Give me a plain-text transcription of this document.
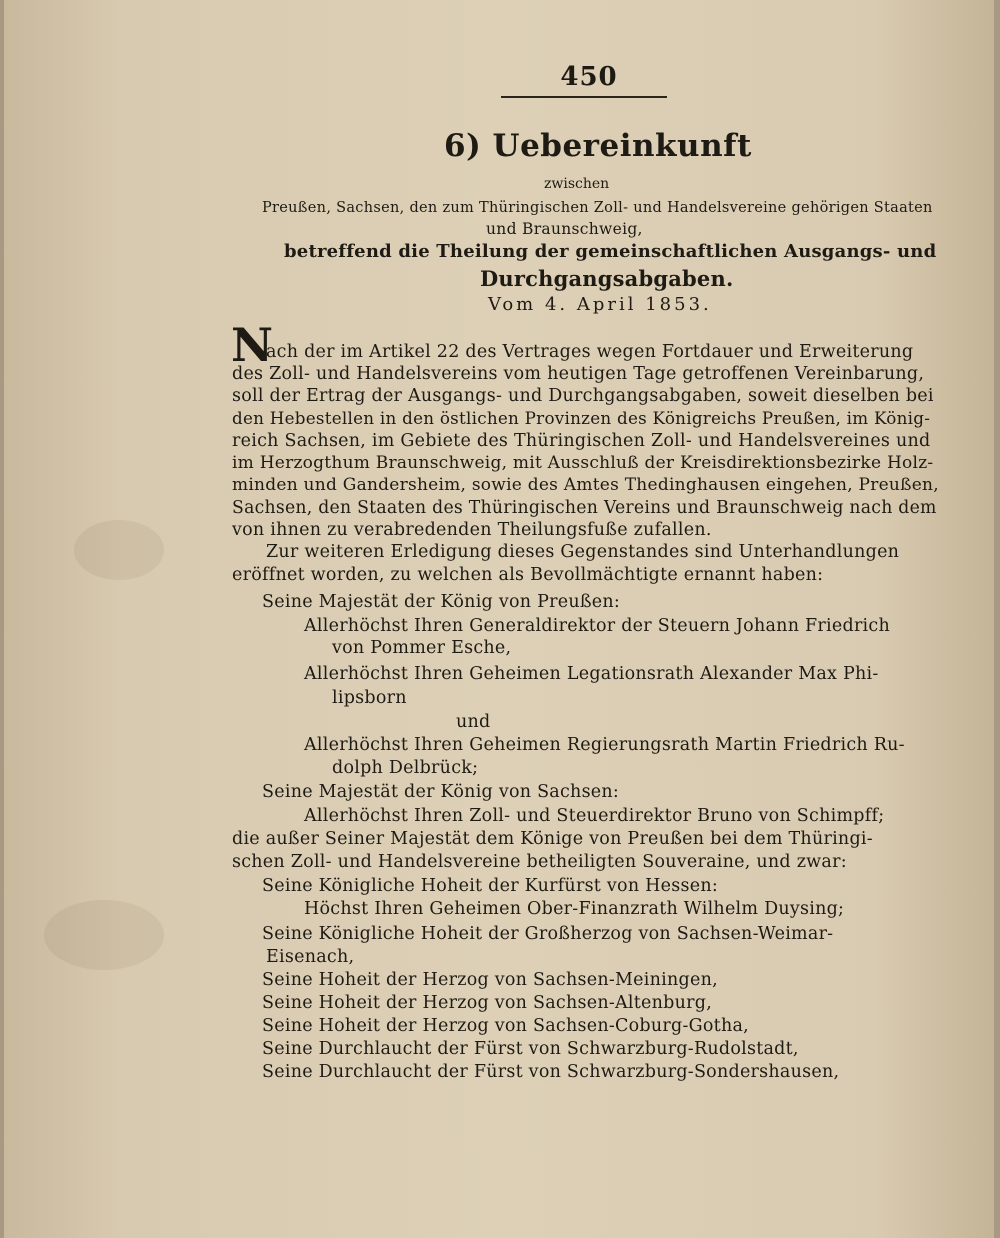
450
6) Uebereinkunft
zwischen
Preußen, Sachsen, den zum Thüringischen Zoll- und Handelsvereine gehörigen Staaten
und Braunschweig,
betreffend die Theilung der gemeinschaftlichen Ausgangs- und
Durchgangsabgaben.
Vom 4. April 1853.
N
ach der im Artikel 22 des Vertrages wegen Fortdauer und Erweiterung
des Zoll- und Handelsvereins vom heutigen Tage getroffenen Vereinbarung,
soll der Ertrag der Ausgangs- und Durchgangsabgaben, soweit dieselben bei
den Hebestellen in den östlichen Provinzen des Königreichs Preußen, im König-
reich Sachsen, im Gebiete des Thüringischen Zoll- und Handelsvereines und
im Herzogthum Braunschweig, mit Ausschluß der Kreisdirektionsbezirke Holz-
minden und Gandersheim, sowie des Amtes Thedinghausen eingehen, Preußen,
Sachsen, den Staaten des Thüringischen Vereins und Braunschweig nach dem
von ihnen zu verabredenden Theilungsfuße zufallen.
Zur weiteren Erledigung dieses Gegenstandes sind Unterhandlungen
eröffnet worden, zu welchen als Bevollmächtigte ernannt haben:
Seine Majestät der König von Preußen:
Allerhöchst Ihren Generaldirektor der Steuern Johann Friedrich
von Pommer Esche,
Allerhöchst Ihren Geheimen Legationsrath Alexander Max Phi-
lipsborn
und
Allerhöchst Ihren Geheimen Regierungsrath Martin Friedrich Ru-
dolph Delbrück;
Seine Majestät der König von Sachsen:
Allerhöchst Ihren Zoll- und Steuerdirektor Bruno von Schimpff;
die außer Seiner Majestät dem Könige von Preußen bei dem Thüringi-
schen Zoll- und Handelsvereine betheiligten Souveraine, und zwar:
Seine Königliche Hoheit der Kurfürst von Hessen:
Höchst Ihren Geheimen Ober-Finanzrath Wilhelm Duysing;
Seine Königliche Hoheit der Großherzog von Sachsen-Weimar-
Eisenach,
Seine Hoheit der Herzog von Sachsen-Meiningen,
Seine Hoheit der Herzog von Sachsen-Altenburg,
Seine Hoheit der Herzog von Sachsen-Coburg-Gotha,
Seine Durchlaucht der Fürst von Schwarzburg-Rudolstadt,
Seine Durchlaucht der Fürst von Schwarzburg-Sondershausen,
